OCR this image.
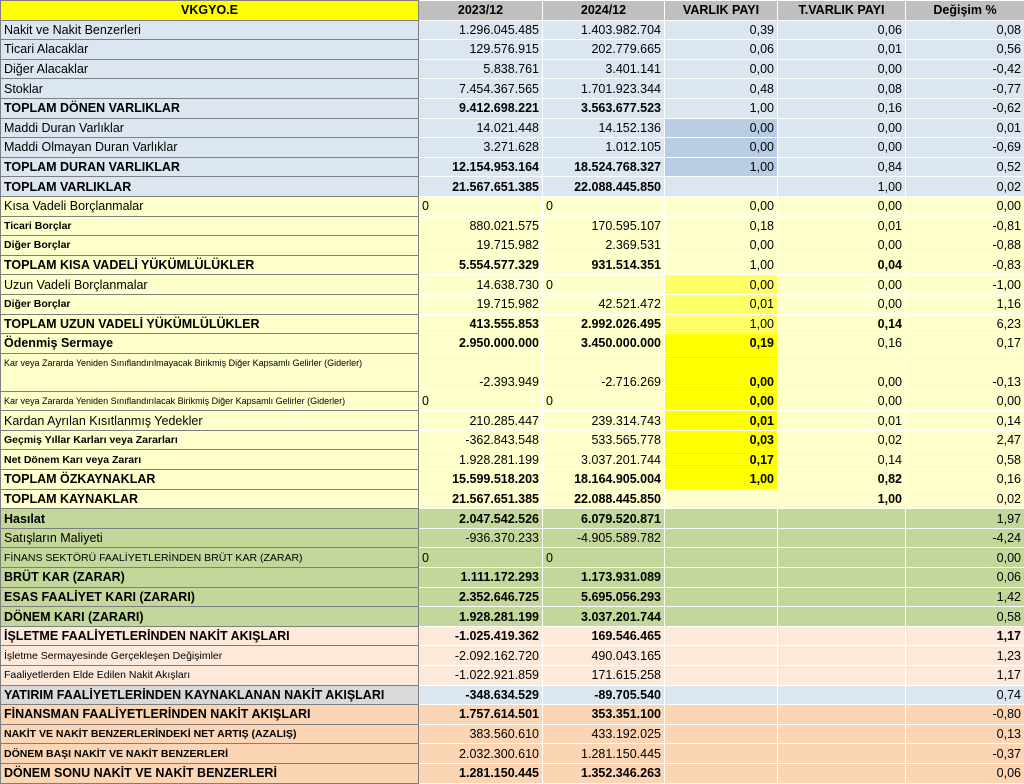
VKGYO.E	2023/12	2024/12	VARLIK PAYI	T.VARLIK PAYI	Değişim %
Nakit ve Nakit Benzerleri	1.296.045.485	1.403.982.704	0,39	0,06	0,08
Ticari Alacaklar	129.576.915	202.779.665	0,06	0,01	0,56
Diğer Alacaklar	5.838.761	3.401.141	0,00	0,00	-0,42
Stoklar	7.454.367.565	1.701.923.344	0,48	0,08	-0,77
TOPLAM DÖNEN VARLIKLAR	9.412.698.221	3.563.677.523	1,00	0,16	-0,62
Maddi Duran Varlıklar	14.021.448	14.152.136	0,00	0,00	0,01
Maddi Olmayan Duran Varlıklar	3.271.628	1.012.105	0,00	0,00	-0,69
TOPLAM DURAN VARLIKLAR	12.154.953.164	18.524.768.327	1,00	0,84	0,52
TOPLAM VARLIKLAR	21.567.651.385	22.088.445.850		1,00	0,02
Kısa Vadeli Borçlanmalar	0	0	0,00	0,00	0,00
Ticari Borçlar	880.021.575	170.595.107	0,18	0,01	-0,81
Diğer Borçlar	19.715.982	2.369.531	0,00	0,00	-0,88
TOPLAM KISA VADELİ YÜKÜMLÜLÜKLER	5.554.577.329	931.514.351	1,00	0,04	-0,83
Uzun Vadeli Borçlanmalar	14.638.730	0	0,00	0,00	-1,00
Diğer Borçlar	19.715.982	42.521.472	0,01	0,00	1,16
TOPLAM UZUN VADELİ YÜKÜMLÜLÜKLER	413.555.853	2.992.026.495	1,00	0,14	6,23
Ödenmiş Sermaye	2.950.000.000	3.450.000.000	0,19	0,16	0,17
Kar veya Zararda Yeniden Sınıflandırılmayacak Birikmiş Diğer Kapsamlı Gelirler (Giderler)	-2.393.949	-2.716.269	0,00	0,00	-0,13
Kar veya Zararda Yeniden Sınıflandırılacak Birikmiş Diğer Kapsamlı Gelirler (Giderler)	0	0	0,00	0,00	0,00
Kardan Ayrılan Kısıtlanmış Yedekler	210.285.447	239.314.743	0,01	0,01	0,14
Geçmiş Yıllar Karları veya Zararları	-362.843.548	533.565.778	0,03	0,02	2,47
Net Dönem Karı veya Zararı	1.928.281.199	3.037.201.744	0,17	0,14	0,58
TOPLAM ÖZKAYNAKLAR	15.599.518.203	18.164.905.004	1,00	0,82	0,16
TOPLAM KAYNAKLAR	21.567.651.385	22.088.445.850		1,00	0,02
Hasılat	2.047.542.526	6.079.520.871			1,97
Satışların Maliyeti	-936.370.233	-4.905.589.782			-4,24
FİNANS SEKTÖRÜ FAALİYETLERİNDEN BRÜT KAR (ZARAR)	0	0			0,00
BRÜT KAR (ZARAR)	1.111.172.293	1.173.931.089			0,06
ESAS FAALİYET KARI (ZARARI)	2.352.646.725	5.695.056.293			1,42
DÖNEM KARI (ZARARI)	1.928.281.199	3.037.201.744			0,58
İŞLETME FAALİYETLERİNDEN NAKİT AKIŞLARI	-1.025.419.362	169.546.465			1,17
İşletme Sermayesinde Gerçekleşen Değişimler	-2.092.162.720	490.043.165			1,23
Faaliyetlerden Elde Edilen Nakit Akışları	-1.022.921.859	171.615.258			1,17
YATIRIM FAALİYETLERİNDEN KAYNAKLANAN NAKİT AKIŞLARI	-348.634.529	-89.705.540			0,74
FİNANSMAN FAALİYETLERİNDEN NAKİT AKIŞLARI	1.757.614.501	353.351.100			-0,80
NAKİT VE NAKİT BENZERLERİNDEKİ NET ARTIŞ (AZALIŞ)	383.560.610	433.192.025			0,13
DÖNEM BAŞI NAKİT VE NAKİT BENZERLERİ	2.032.300.610	1.281.150.445			-0,37
DÖNEM SONU NAKİT VE NAKİT BENZERLERİ	1.281.150.445	1.352.346.263			0,06
